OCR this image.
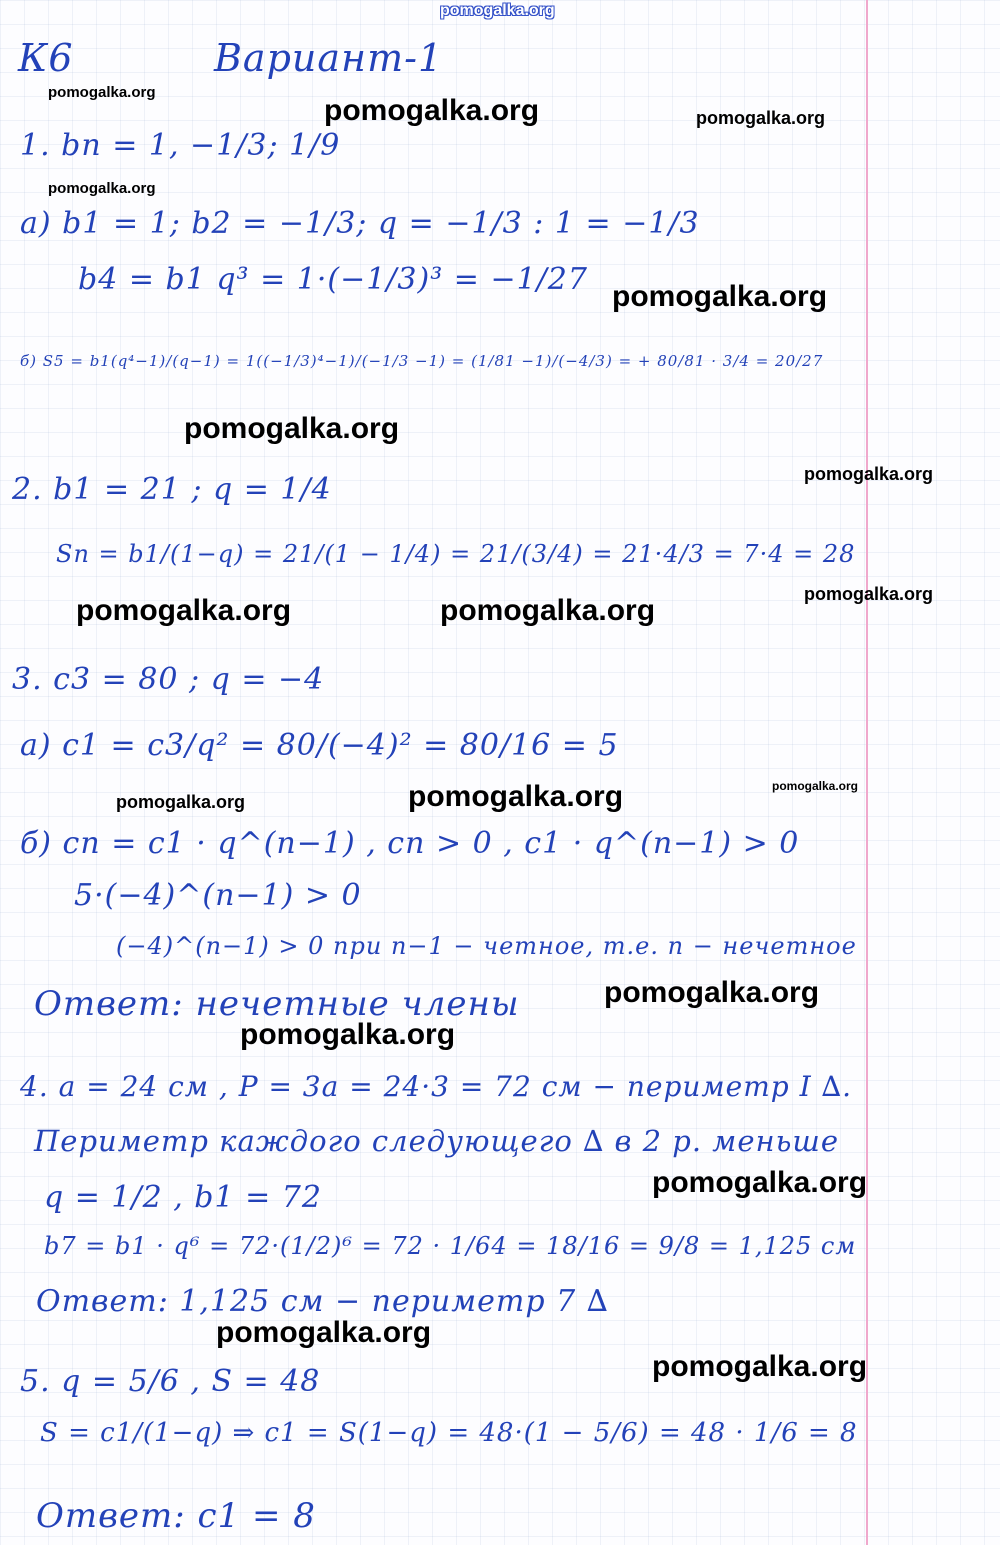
pomogalka.org
pomogalka.org
pomogalka.org	pomogalka.org
pomogalka.org
pomogalka.org
pomogalka.org
pomogalka.org
pomogalka.org
pomogalka.org	pomogalka.org
pomogalka.org
pomogalka.org
pomogalka.org
pomogalka.org
pomogalka.org
pomogalka.org
pomogalka.org
pomogalka.org
К6	Вариант-1
1. bn = 1, −1/3; 1/9
а) b1 = 1; b2 = −1/3; q = −1/3 : 1 = −1/3
b4 = b1 q³ = 1·(−1/3)³ = −1/27
б) S5 = b1(q⁴−1)/(q−1) = 1((−1/3)⁴−1)/(−1/3 −1) = (1/81 −1)/(−4/3) = + 80/81 · 3/4 = 20/27
2. b1 = 21 ; q = 1/4
Sn = b1/(1−q) = 21/(1 − 1/4) = 21/(3/4) = 21·4/3 = 7·4 = 28
3. c3 = 80 ; q = −4
а) c1 = c3/q² = 80/(−4)² = 80/16 = 5
б) cn = c1 · q^(n−1) , cn > 0 , c1 · q^(n−1) > 0
5·(−4)^(n−1) > 0
(−4)^(n−1) > 0 при n−1 − четное, т.е. n − нечетное
Ответ: нечетные члены
4. a = 24 см , P = 3a = 24·3 = 72 см − периметр I ∆.
Периметр каждого следующего ∆ в 2 р. меньше
q = 1/2 , b1 = 72
b7 = b1 · q⁶ = 72·(1/2)⁶ = 72 · 1/64 = 18/16 = 9/8 = 1,125 см
Ответ: 1,125 см − периметр 7 ∆
5. q = 5/6 , S = 48
S = c1/(1−q) ⇒ c1 = S(1−q) = 48·(1 − 5/6) = 48 · 1/6 = 8
Ответ: c1 = 8
